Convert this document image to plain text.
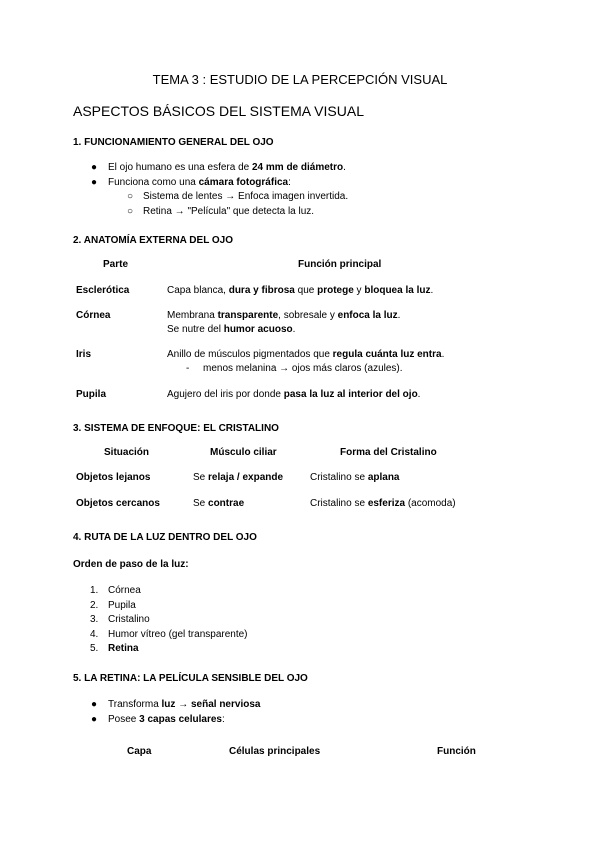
TEMA 3 : ESTUDIO DE LA PERCEPCIÓN VISUAL
ASPECTOS BÁSICOS DEL SISTEMA VISUAL
1. FUNCIONAMIENTO GENERAL DEL OJO
● El ojo humano es una esfera de 24 mm de diámetro.
● Funciona como una cámara fotográfica:
○ Sistema de lentes → Enfoca imagen invertida.
○ Retina → "Película" que detecta la luz.
2. ANATOMÍA EXTERNA DEL OJO
Parte	Función principal
Esclerótica	Capa blanca, dura y fibrosa que protege y bloquea la luz.
Córnea	Membrana transparente, sobresale y enfoca la luz.
Se nutre del humor acuoso.
Iris	Anillo de músculos pigmentados que regula cuánta luz entra.
- menos melanina → ojos más claros (azules).
Pupila	Agujero del iris por donde pasa la luz al interior del ojo.
3. SISTEMA DE ENFOQUE: EL CRISTALINO
Situación	Músculo ciliar	Forma del Cristalino
Objetos lejanos	Se relaja / expande	Cristalino se aplana
Objetos cercanos	Se contrae	Cristalino se esferiza (acomoda)
4. RUTA DE LA LUZ DENTRO DEL OJO
Orden de paso de la luz:
1. Córnea
2. Pupila
3. Cristalino
4. Humor vítreo (gel transparente)
5. Retina
5. LA RETINA: LA PELÍCULA SENSIBLE DEL OJO
● Transforma luz → señal nerviosa
● Posee 3 capas celulares:
Capa	Células principales	Función
